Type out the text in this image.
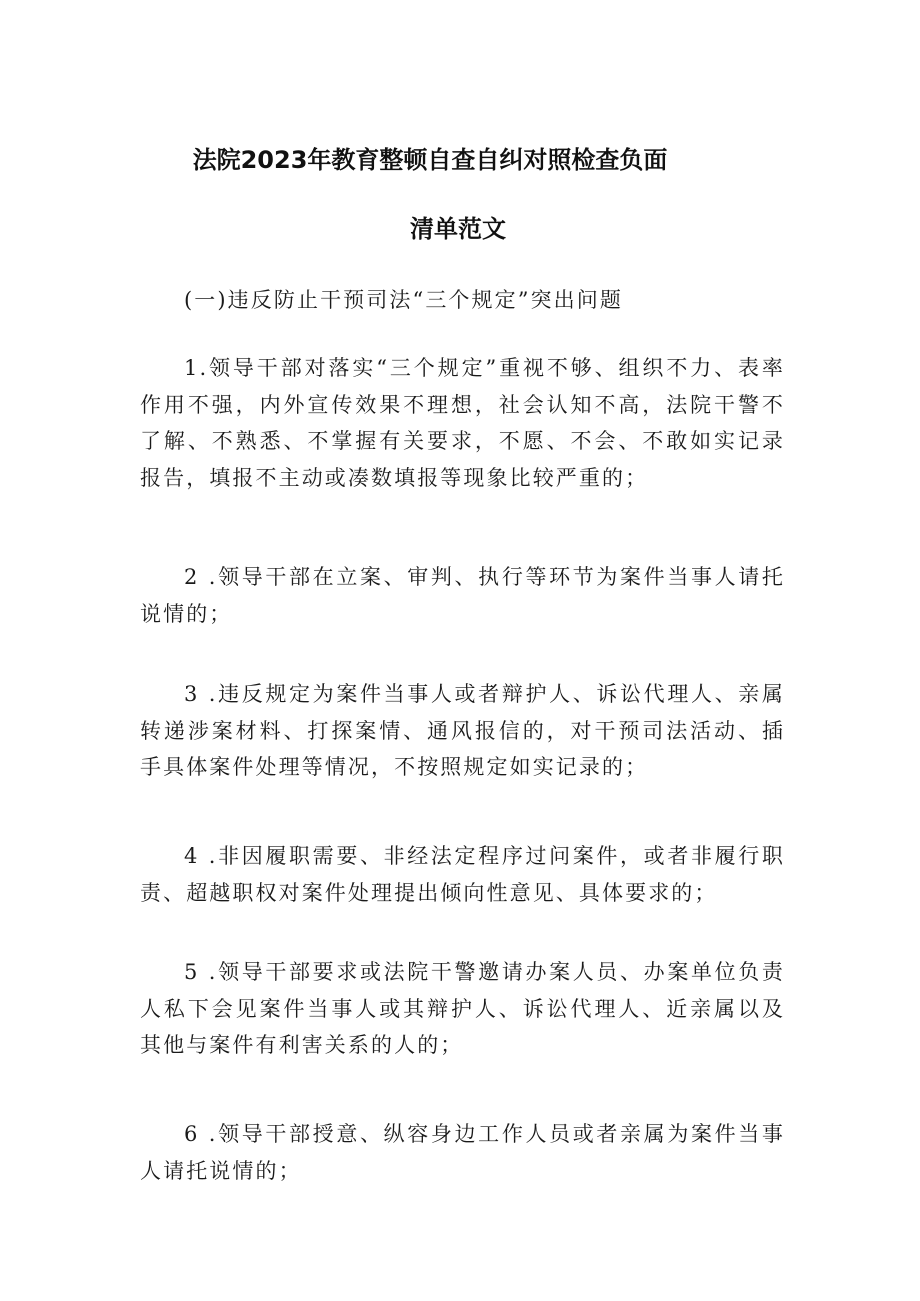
法院2023年教育整顿自查自纠对照检查负面
清单范文

(一)违反防止干预司法“三个规定”突出问题

1.领导干部对落实“三个规定”重视不够、组织不力、表率作用不强，内外宣传效果不理想，社会认知不高，法院干警不了解、不熟悉、不掌握有关要求，不愿、不会、不敢如实记录报告，填报不主动或凑数填报等现象比较严重的；

2 .领导干部在立案、审判、执行等环节为案件当事人请托说情的；

3 .违反规定为案件当事人或者辩护人、诉讼代理人、亲属转递涉案材料、打探案情、通风报信的，对干预司法活动、插手具体案件处理等情况，不按照规定如实记录的；

4 .非因履职需要、非经法定程序过问案件，或者非履行职责、超越职权对案件处理提出倾向性意见、具体要求的；

5 .领导干部要求或法院干警邀请办案人员、办案单位负责人私下会见案件当事人或其辩护人、诉讼代理人、近亲属以及其他与案件有利害关系的人的；

6 .领导干部授意、纵容身边工作人员或者亲属为案件当事人请托说情的；
